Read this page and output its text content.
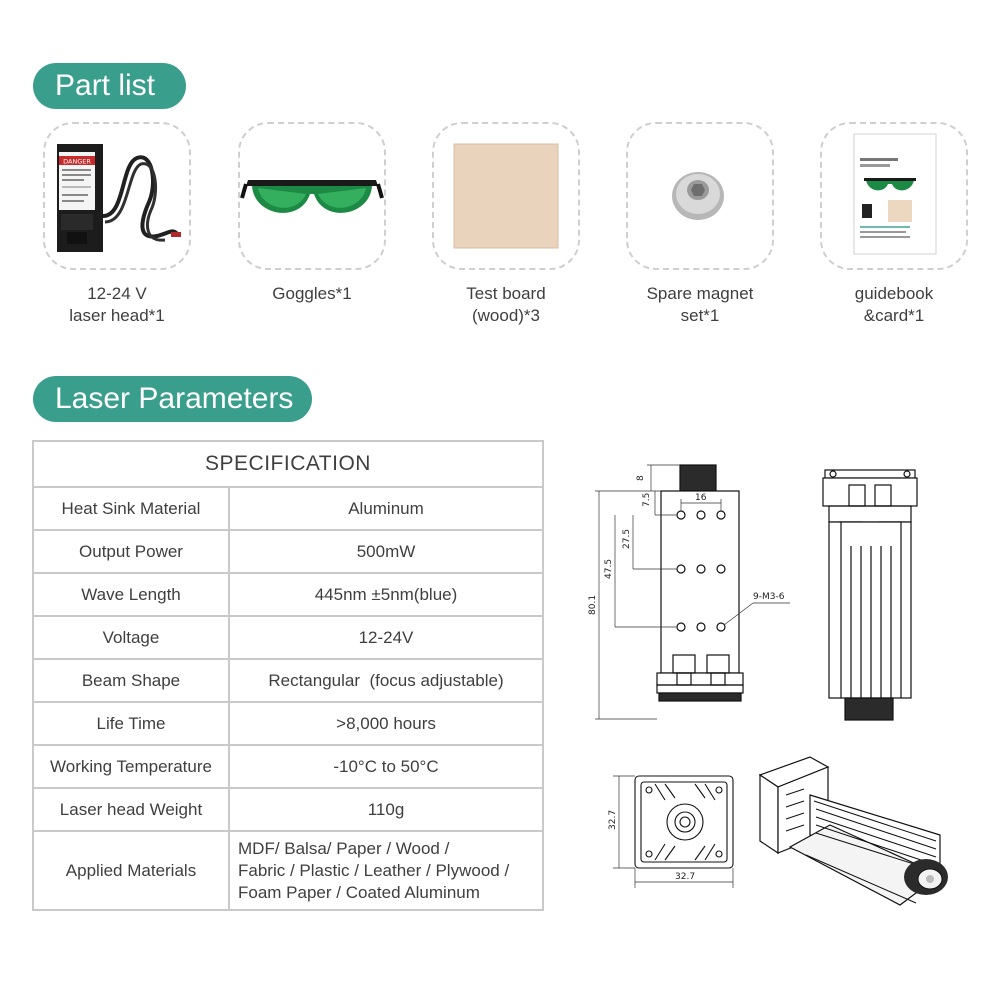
Part list
DANGER
12-24 V
laser head*1
Goggles*1	Test board
(wood)*3
Spare magnet
set*1
guidebook
&card*1
Laser Parameters
SPECIFICATION	
Heat Sink Material	Aluminum
Output Power	500mW
Wave Length	445nm ±5nm(blue)
Voltage	12-24V
Beam Shape	Rectangular  (focus adjustable)
Life Time	>8,000 hours
Working Temperature	-10°C to 50°C
Laser head Weight	110g
Applied Materials	MDF/ Balsa/ Paper / Wood /
Fabric / Plastic / Leather / Plywood /
Foam Paper / Coated Aluminum
8
16
7.5
27.5
47.5
80.1	9-M3-6
32.7
32.7
